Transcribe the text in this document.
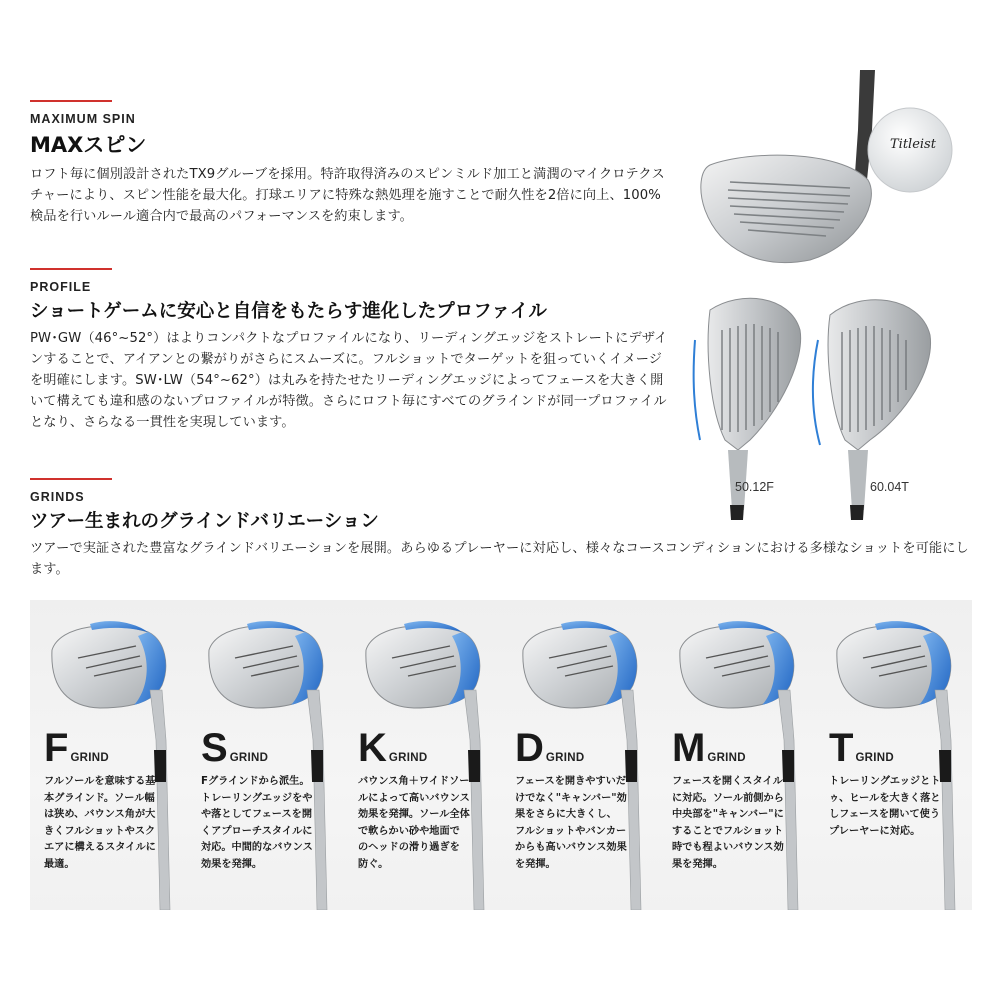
MAXIMUM SPIN
MAXスピン
ロフト毎に個別設計されたTX9グルーブを採用。特許取得済みのスピンミルド加工と満潤のマイクロテクスチャーにより、スピン性能を最大化。打球エリアに特殊な熱処理を施すことで耐久性を2倍に向上、100%検品を行いルール適合内で最高のパフォーマンスを約束します。
Titleist
PROFILE
ショートゲームに安心と自信をもたらす進化したプロファイル
PW･GW（46°~52°）はよりコンパクトなプロファイルになり、リーディングエッジをストレートにデザインすることで、アイアンとの繋がりがさらにスムーズに。フルショットでターゲットを狙っていくイメージを明確にします。SW･LW（54°~62°）は丸みを持たせたリーディングエッジによってフェースを大きく開いて構えても違和感のないプロファイルが特徴。さらにロフト毎にすべてのグラインドが同一プロファイルとなり、さらなる一貫性を実現しています。
50.12F	60.04T
GRINDS
ツアー生まれのグラインドバリエーション
ツアーで実証された豊富なグラインドバリエーションを展開。あらゆるプレーヤーに対応し、様々なコースコンディションにおける多様なショットを可能にします。
FGRIND
フルソールを意味する基本グラインド。ソール幅は狭め、バウンス角が大きくフルショットやスクエアに構えるスタイルに最適。
SGRIND
Fグラインドから派生。トレーリングエッジをやや落としてフェースを開くアプローチスタイルに対応。中間的なバウンス効果を発揮。
KGRIND
バウンス角＋ワイドソールによって高いバウンス効果を発揮。ソール全体で軟らかい砂や地面でのヘッドの滑り過ぎを防ぐ。
DGRIND
フェースを開きやすいだけでなく"キャンバー"効果をさらに大きくし、フルショットやバンカーからも高いバウンス効果を発揮。
MGRIND
フェースを開くスタイルに対応。ソール前側から中央部を"キャンバー"にすることでフルショット時でも程よいバウンス効果を発揮。
TGRIND
トレーリングエッジとトゥ、ヒールを大きく落としフェースを開いて使うプレーヤーに対応。
